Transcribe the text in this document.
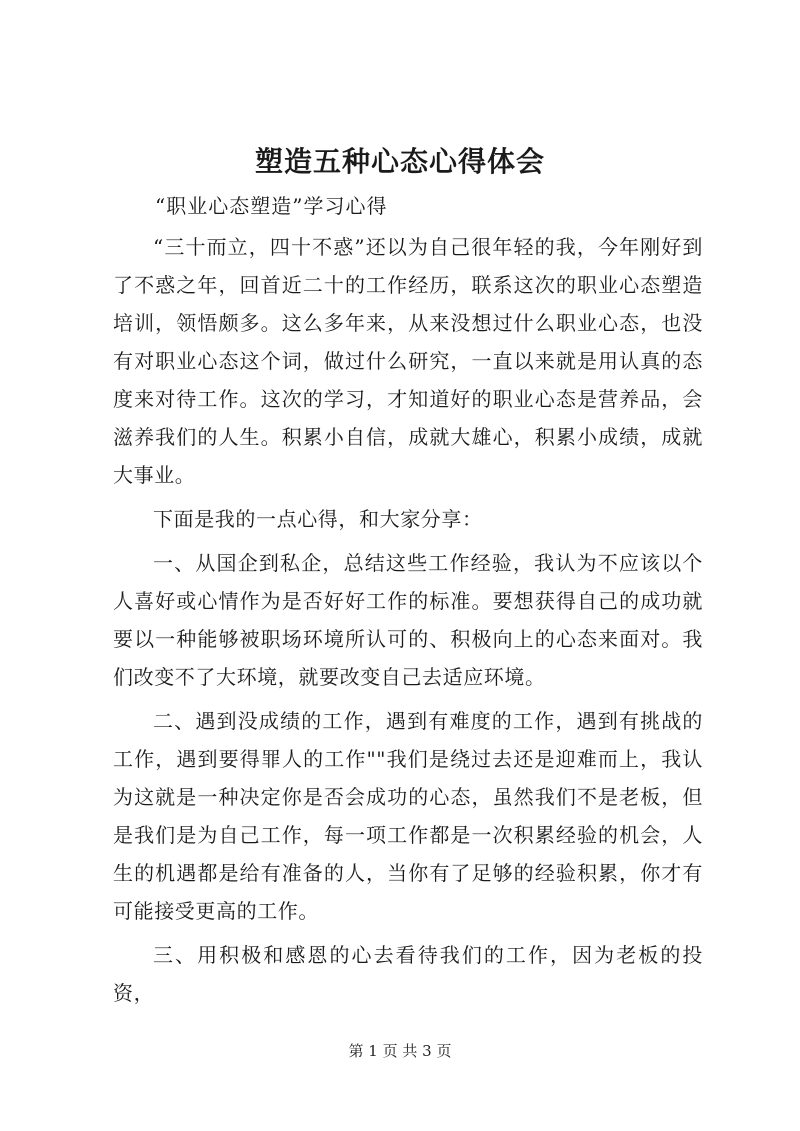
塑造五种心态心得体会
“职业心态塑造”学习心得

“三十而立，四十不惑”还以为自己很年轻的我，今年刚好到了不惑之年，回首近二十的工作经历，联系这次的职业心态塑造培训，领悟颇多。这么多年来，从来没想过什么职业心态，也没有对职业心态这个词，做过什么研究，一直以来就是用认真的态度来对待工作。这次的学习，才知道好的职业心态是营养品，会滋养我们的人生。积累小自信，成就大雄心，积累小成绩，成就大事业。

下面是我的一点心得，和大家分享：

一、从国企到私企，总结这些工作经验，我认为不应该以个人喜好或心情作为是否好好工作的标准。要想获得自己的成功就要以一种能够被职场环境所认可的、积极向上的心态来面对。我们改变不了大环境，就要改变自己去适应环境。

二、遇到没成绩的工作，遇到有难度的工作，遇到有挑战的工作，遇到要得罪人的工作""我们是绕过去还是迎难而上，我认为这就是一种决定你是否会成功的心态，虽然我们不是老板，但是我们是为自己工作，每一项工作都是一次积累经验的机会，人生的机遇都是给有准备的人，当你有了足够的经验积累，你才有可能接受更高的工作。

三、用积极和感恩的心去看待我们的工作，因为老板的投资，

第 1 页 共 3 页
